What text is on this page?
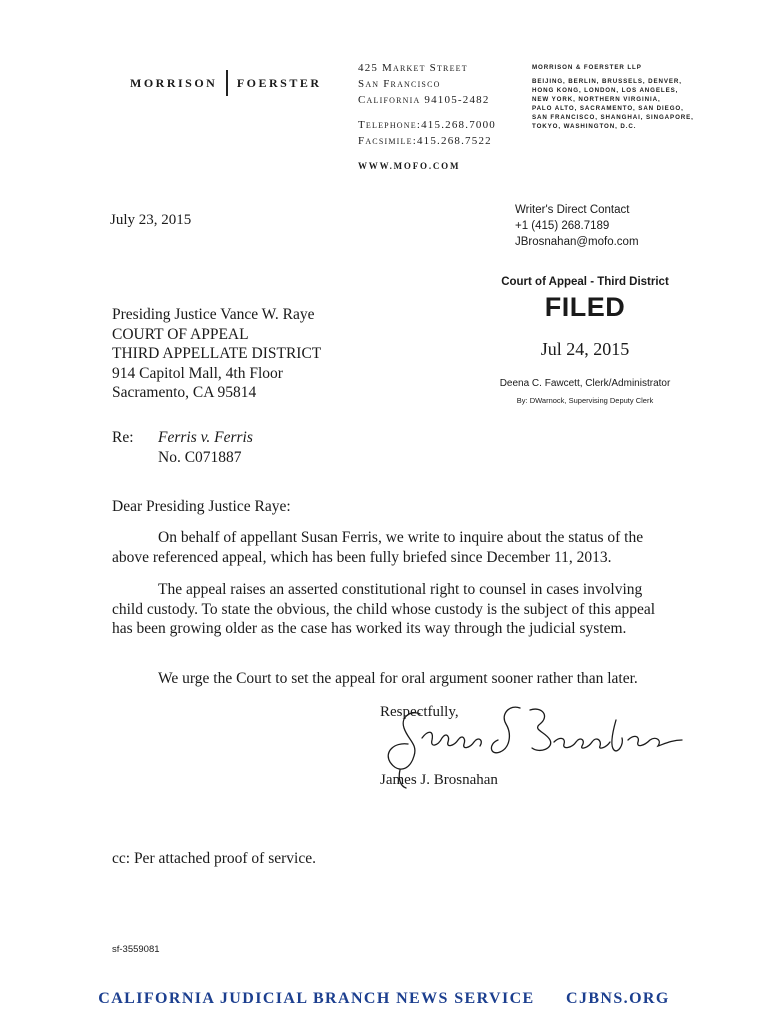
MORRISON FOERSTER
425 Market Street
San Francisco
California 94105-2482
Telephone:415.268.7000
Facsimile:415.268.7522
WWW.MOFO.COM
MORRISON & FOERSTER LLP
BEIJING, BERLIN, BRUSSELS, DENVER,
HONG KONG, LONDON, LOS ANGELES,
NEW YORK, NORTHERN VIRGINIA,
PALO ALTO, SACRAMENTO, SAN DIEGO,
SAN FRANCISCO, SHANGHAI, SINGAPORE,
TOKYO, WASHINGTON, D.C.
July 23, 2015
Writer's Direct Contact
+1 (415) 268.7189
JBrosnahan@mofo.com
Court of Appeal - Third District
FILED
Jul 24, 2015
Deena C. Fawcett, Clerk/Administrator
By: DWarnock, Supervising Deputy Clerk
Presiding Justice Vance W. Raye
COURT OF APPEAL
THIRD APPELLATE DISTRICT
914 Capitol Mall, 4th Floor
Sacramento, CA 95814
Re:	Ferris v. Ferris
No. C071887
Dear Presiding Justice Raye:
On behalf of appellant Susan Ferris, we write to inquire about the status of the above referenced appeal, which has been fully briefed since December 11, 2013.
The appeal raises an asserted constitutional right to counsel in cases involving child custody. To state the obvious, the child whose custody is the subject of this appeal has been growing older as the case has worked its way through the judicial system.
We urge the Court to set the appeal for oral argument sooner rather than later.
Respectfully,
James J. Brosnahan
cc: Per attached proof of service.
sf-3559081
CALIFORNIA JUDICIAL BRANCH NEWS SERVICE CJBNS.ORG
